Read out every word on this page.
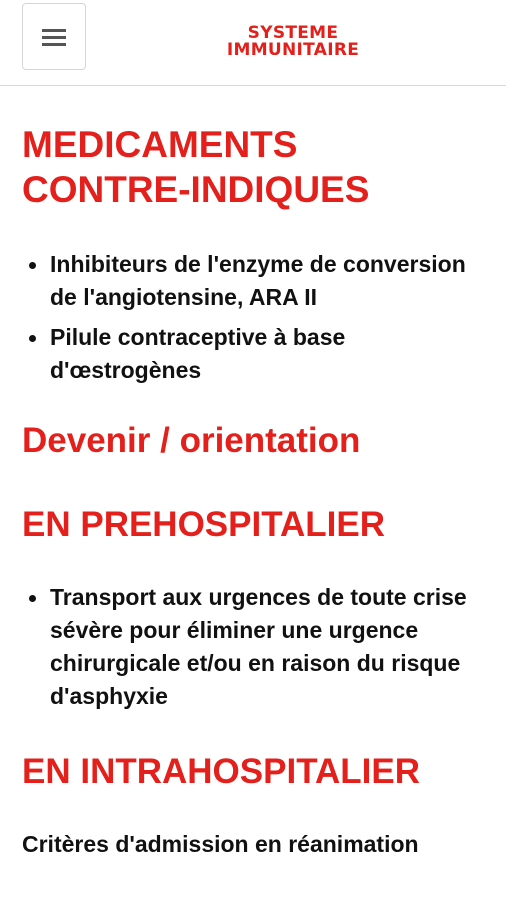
SYSTEME
IMMUNITAIRE
MEDICAMENTS
CONTRE-INDIQUES
Inhibiteurs de l'enzyme de conversion de l'angiotensine, ARA II
Pilule contraceptive à base d'œstrogènes
Devenir / orientation
EN PREHOSPITALIER
Transport aux urgences de toute crise sévère pour éliminer une urgence chirurgicale et/ou en raison du risque d'asphyxie
EN INTRAHOSPITALIER

Critères d'admission en réanimation
